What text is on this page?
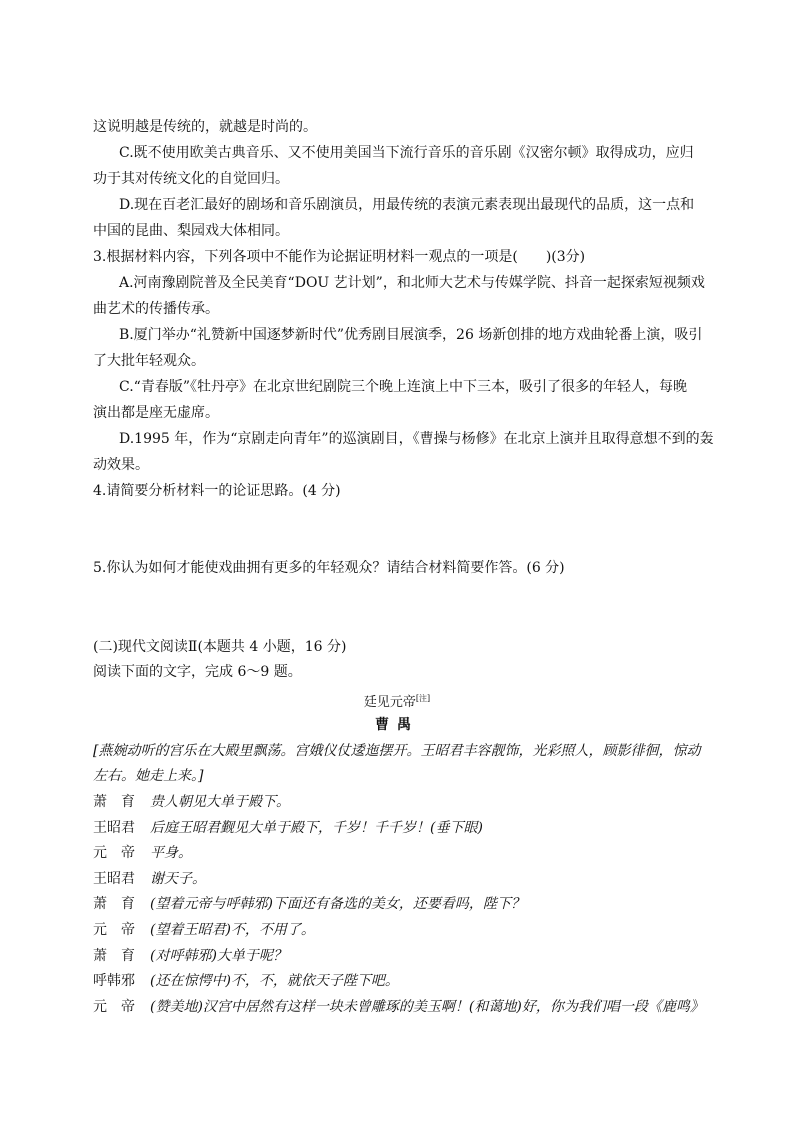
这说明越是传统的，就越是时尚的。
C.既不使用欧美古典音乐、又不使用美国当下流行音乐的音乐剧《汉密尔顿》取得成功，应归
功于其对传统文化的自觉回归。
D.现在百老汇最好的剧场和音乐剧演员，用最传统的表演元素表现出最现代的品质，这一点和
中国的昆曲、梨园戏大体相同。
3.根据材料内容，下列各项中不能作为论据证明材料一观点的一项是(　　)(3分)
A.河南豫剧院普及全民美育“DOU 艺计划”，和北师大艺术与传媒学院、抖音一起探索短视频戏
曲艺术的传播传承。
B.厦门举办“礼赞新中国逐梦新时代”优秀剧目展演季，26 场新创排的地方戏曲轮番上演，吸引
了大批年轻观众。
C.“青春版”《牡丹亭》在北京世纪剧院三个晚上连演上中下三本，吸引了很多的年轻人，每晚
演出都是座无虚席。
D.1995 年，作为“京剧走向青年”的巡演剧目，《曹操与杨修》在北京上演并且取得意想不到的轰
动效果。
4.请简要分析材料一的论证思路。(4 分)
5.你认为如何才能使戏曲拥有更多的年轻观众？请结合材料简要作答。(6 分)
(二)现代文阅读Ⅱ(本题共 4 小题，16 分)
阅读下面的文字，完成 6～9 题。
廷见元帝[注]
曹禺
[燕婉动听的宫乐在大殿里飘荡。宫娥仪仗逶迤摆开。王昭君丰容靓饰，光彩照人，顾影徘徊，惊动
左右。她走上来。]
萧育贵人朝见大单于殿下。
王昭君 后庭王昭君觐见大单于殿下，千岁！千千岁！(垂下眼)
元帝平身。
王昭君 谢天子。
萧育(望着元帝与呼韩邪)下面还有备选的美女，还要看吗，陛下？
元帝(望着王昭君)不，不用了。
萧育(对呼韩邪)大单于呢？
呼韩邪 (还在惊愕中)不，不，就依天子陛下吧。
元帝(赞美地)汉宫中居然有这样一块未曾雕琢的美玉啊！(和蔼地)好，你为我们唱一段《鹿鸣》
